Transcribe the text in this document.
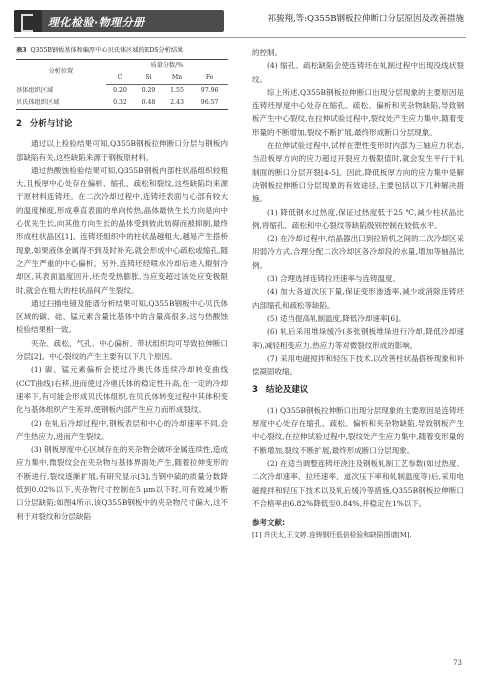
理化检验·物理分册	祁骏翔,等:Q355B钢板拉伸断口分层原因及改善措施
表3 Q355B钢板基体和偏厚中心贝氏体区域的EDS分析结果
分析位置	质量分数/%			
	C	Si	Mn	Fe
基体组织区域	0.20	0.29	1.55	97.96
贝氏体组织区域	0.32	0.48	2.43	96.57
2 分析与讨论

通过以上检验结果可知,Q355B钢板拉伸断口分层与钢板内部缺陷有关,这些缺陷来源于钢板原材料。

通过热酸蚀检验结果可知,Q355B钢板内部柱状晶组织较粗大,且板厚中心处存在偏析、缩孔、疏松和裂纹,这些缺陷均来源于原材料连铸坯。在二次冷却过程中,连铸坯表面与心部有较大的温度梯度,形成垂直表面的单向传热,晶体最快生长方向是向中心优先生长,向其他方向生长的晶体受到彼此妨碍而被抑制,最终形成柱状晶区[1]。连铸坯组织中的柱状晶越粗大,越易产生搭桥现象,如果液体金属得不到及时补充,就会形成中心疏松或缩孔,随之产生严重的中心偏析。另外,连铸坯经喷水冷却后进入辊射冷却区,其表面温度回升,坯壳受热膨胀,当应变超过该处应变极限时,就会在粗大的柱状晶间产生裂纹。

通过扫描电镜及能谱分析结果可知,Q355B钢板中心贝氏体区域的碳、硅、锰元素含量比基体中的含量高很多,这与热酸蚀检验结果相一致。

夹杂、疏松、气孔、中心偏析、带状组织均可导致拉伸断口分层[2]。中心裂纹的产生主要有以下几个原因。

(1) 碳、锰元素偏析会使过冷奥氏体连续冷却转变曲线(CCT曲线)右移,进而使过冷奥氏体的稳定性升高,在一定的冷却速率下,有可能会形成贝氏体组织,在贝氏体转变过程中其体积变化与基体组织产生差异,使钢板内部产生应力而形成裂纹。

(2) 在轧后冷却过程中,钢板表层和中心的冷却速率不同,会产生热应力,进而产生裂纹。

(3) 钢板厚度中心区域存在的夹杂物会破坏金属连续性,造成应力集中,微裂纹会在夹杂物与基体界面处产生,随着拉伸变形的不断进行,裂纹逐渐扩展,有研究显示[3],当钢中硫的质量分数降低到0.02%以下,夹杂物尺寸控制在5 μm以下时,可有效减少断口分层缺陷;如图4所示,该Q355B钢板中的夹杂物尺寸偏大,这不利于对裂纹和分层缺陷

的控制。

(4) 缩孔、疏松缺陷会使连铸坯在轧制过程中出现没线状裂纹。

综上所述,Q355B钢板拉伸断口出现分层现象的主要原因是连铸坯厚度中心处存在缩孔、疏松、偏析和夹杂物缺陷,导致钢板产生中心裂纹,在拉伸试验过程中,裂纹处产生应力集中,随着变形量的不断增加,裂纹不断扩展,最终形成断口分层现象。

在拉伸试验过程中,试样在塑性变形时内部为三轴应力状态,当沿板厚方向的应力超过开裂应力极限值时,就会发生平行于轧制面的断口分层开裂[4-5]。因此,降低板厚方向的应力集中是解决钢板拉伸断口分层现象的有效途径,主要包括以下几种解决措施。

(1) 降低钢水过热度,保证过热度低于25 ℃,减少柱状晶比例,将缩孔、疏松和中心裂纹等缺陷级别控制在较低水平。

(2) 在冷却过程中,结晶器出口到拉矫机之间的二次冷却区采用弱冷方式,合理分配二次冷却区各冷却段的水量,增加等轴晶比例。

(3) 合理选择连铸拉坯速率与连铸温度。

(4) 加大各道次压下量,保证变形渗透率,减少或消除连铸坯内部缩孔和疏松等缺陷。

(5) 适当提高轧制温度,降低冷却速率[6]。

(6) 轧后采用堆垛缓冷(多张钢板堆垛进行冷却,降低冷却速率),减轻相变应力,热应力等对微裂纹形成的影响。

(7) 采用电磁搅拌和轻压下技术,以改善柱状晶搭桥现象和补偿凝固收缩。

3 结论及建议

(1) Q355B钢板拉伸断口出现分层现象的主要原因是连铸坯厚度中心处存在缩孔、疏松、偏析和夹杂物缺陷,导致钢板产生中心裂纹,在拉伸试验过程中,裂纹处产生应力集中,随着变形量的不断增加,裂纹不断扩展,最终形成断口分层现象。

(2) 在适当调整连铸坯浇注及钢板轧制工艺参数(如过热度、二次冷却速率、拉坯速率、道次压下率和轧制温度等)后,采用电磁搅拌和轻压下技术以及轧后缓冷等措施,Q355B钢板拉伸断口不合格率由6.82%降低至0.84%,并稳定在1%以下。

参考文献:
[1] 许庆太,王文婷.连铸钢坯低倍检验和缺陷图谱[M].
73
